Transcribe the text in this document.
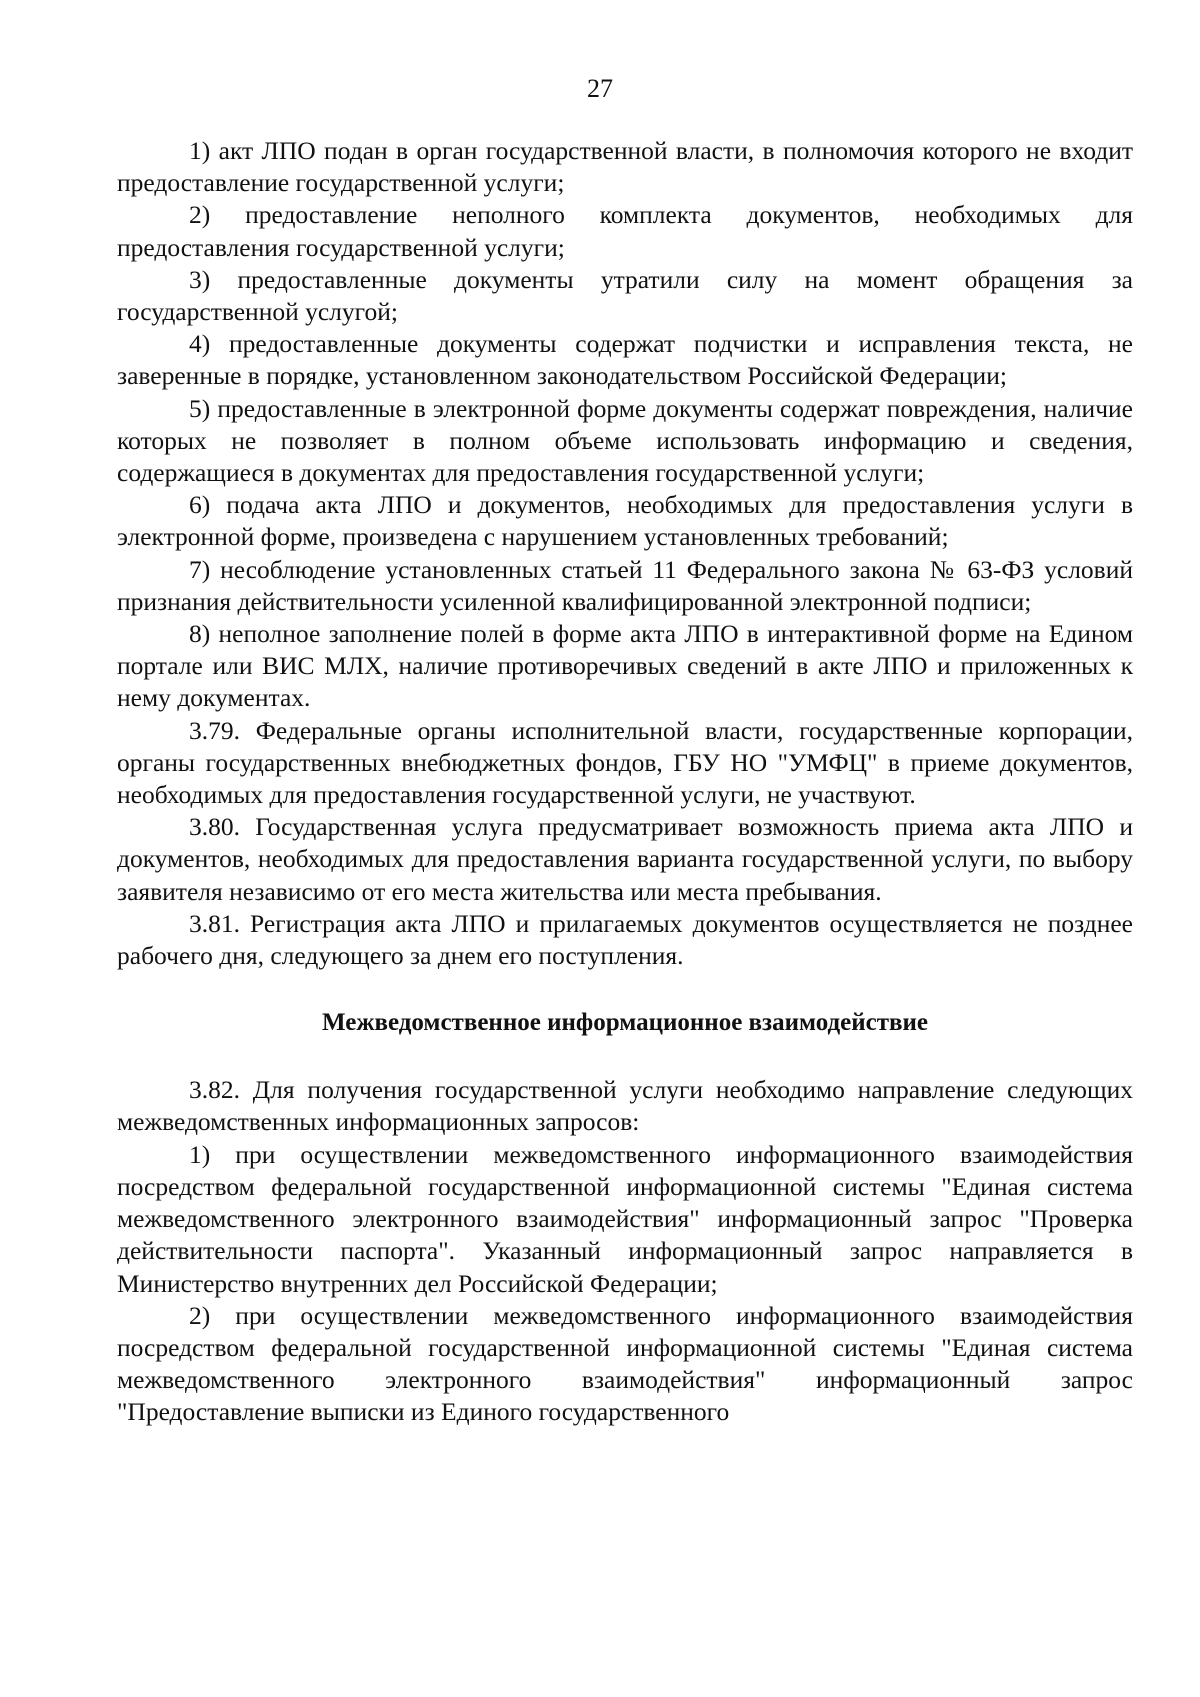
27

1) акт ЛПО подан в орган государственной власти, в полномочия которого не входит предоставление государственной услуги;

2) предоставление неполного комплекта документов, необходимых для предоставления государственной услуги;

3) предоставленные документы утратили силу на момент обращения за государственной услугой;

4) предоставленные документы содержат подчистки и исправления текста, не заверенные в порядке, установленном законодательством Российской Федерации;

5) предоставленные в электронной форме документы содержат повреждения, наличие которых не позволяет в полном объеме использовать информацию и сведения, содержащиеся в документах для предоставления государственной услуги;

6) подача акта ЛПО и документов, необходимых для предоставления услуги в электронной форме, произведена с нарушением установленных требований;

7) несоблюдение установленных статьей 11 Федерального закона № 63-ФЗ условий признания действительности усиленной квалифицированной электронной подписи;

8) неполное заполнение полей в форме акта ЛПО в интерактивной форме на Едином портале или ВИС МЛХ, наличие противоречивых сведений в акте ЛПО и приложенных к нему документах.

3.79. Федеральные органы исполнительной власти, государственные корпорации, органы государственных внебюджетных фондов, ГБУ НО "УМФЦ" в приеме документов, необходимых для предоставления государственной услуги, не участвуют.

3.80. Государственная услуга предусматривает возможность приема акта ЛПО и документов, необходимых для предоставления варианта государственной услуги, по выбору заявителя независимо от его места жительства или места пребывания.

3.81. Регистрация акта ЛПО и прилагаемых документов осуществляется не позднее рабочего дня, следующего за днем его поступления.

Межведомственное информационное взаимодействие

3.82. Для получения государственной услуги необходимо направление следующих межведомственных информационных запросов:

1) при осуществлении межведомственного информационного взаимодействия посредством федеральной государственной информационной системы "Единая система межведомственного электронного взаимодействия" информационный запрос "Проверка действительности паспорта". Указанный информационный запрос направляется в Министерство внутренних дел Российской Федерации;

2) при осуществлении межведомственного информационного взаимодействия посредством федеральной государственной информационной системы "Единая система межведомственного электронного взаимодействия" информационный запрос "Предоставление выписки из Единого государственного
